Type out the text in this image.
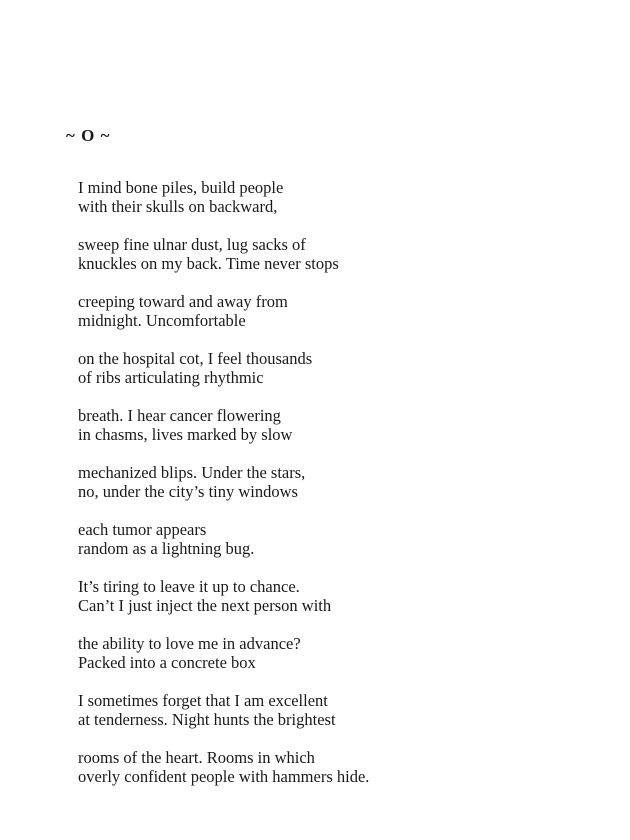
~ O ~
I mind bone piles, build people
with their skulls on backward,
sweep fine ulnar dust, lug sacks of
knuckles on my back. Time never stops
creeping toward and away from
midnight. Uncomfortable
on the hospital cot, I feel thousands
of ribs articulating rhythmic
breath. I hear cancer flowering
in chasms, lives marked by slow
mechanized blips. Under the stars,
no, under the city’s tiny windows
each tumor appears
random as a lightning bug.
It’s tiring to leave it up to chance.
Can’t I just inject the next person with
the ability to love me in advance?
Packed into a concrete box
I sometimes forget that I am excellent
at tenderness. Night hunts the brightest
rooms of the heart. Rooms in which
overly confident people with hammers hide.
